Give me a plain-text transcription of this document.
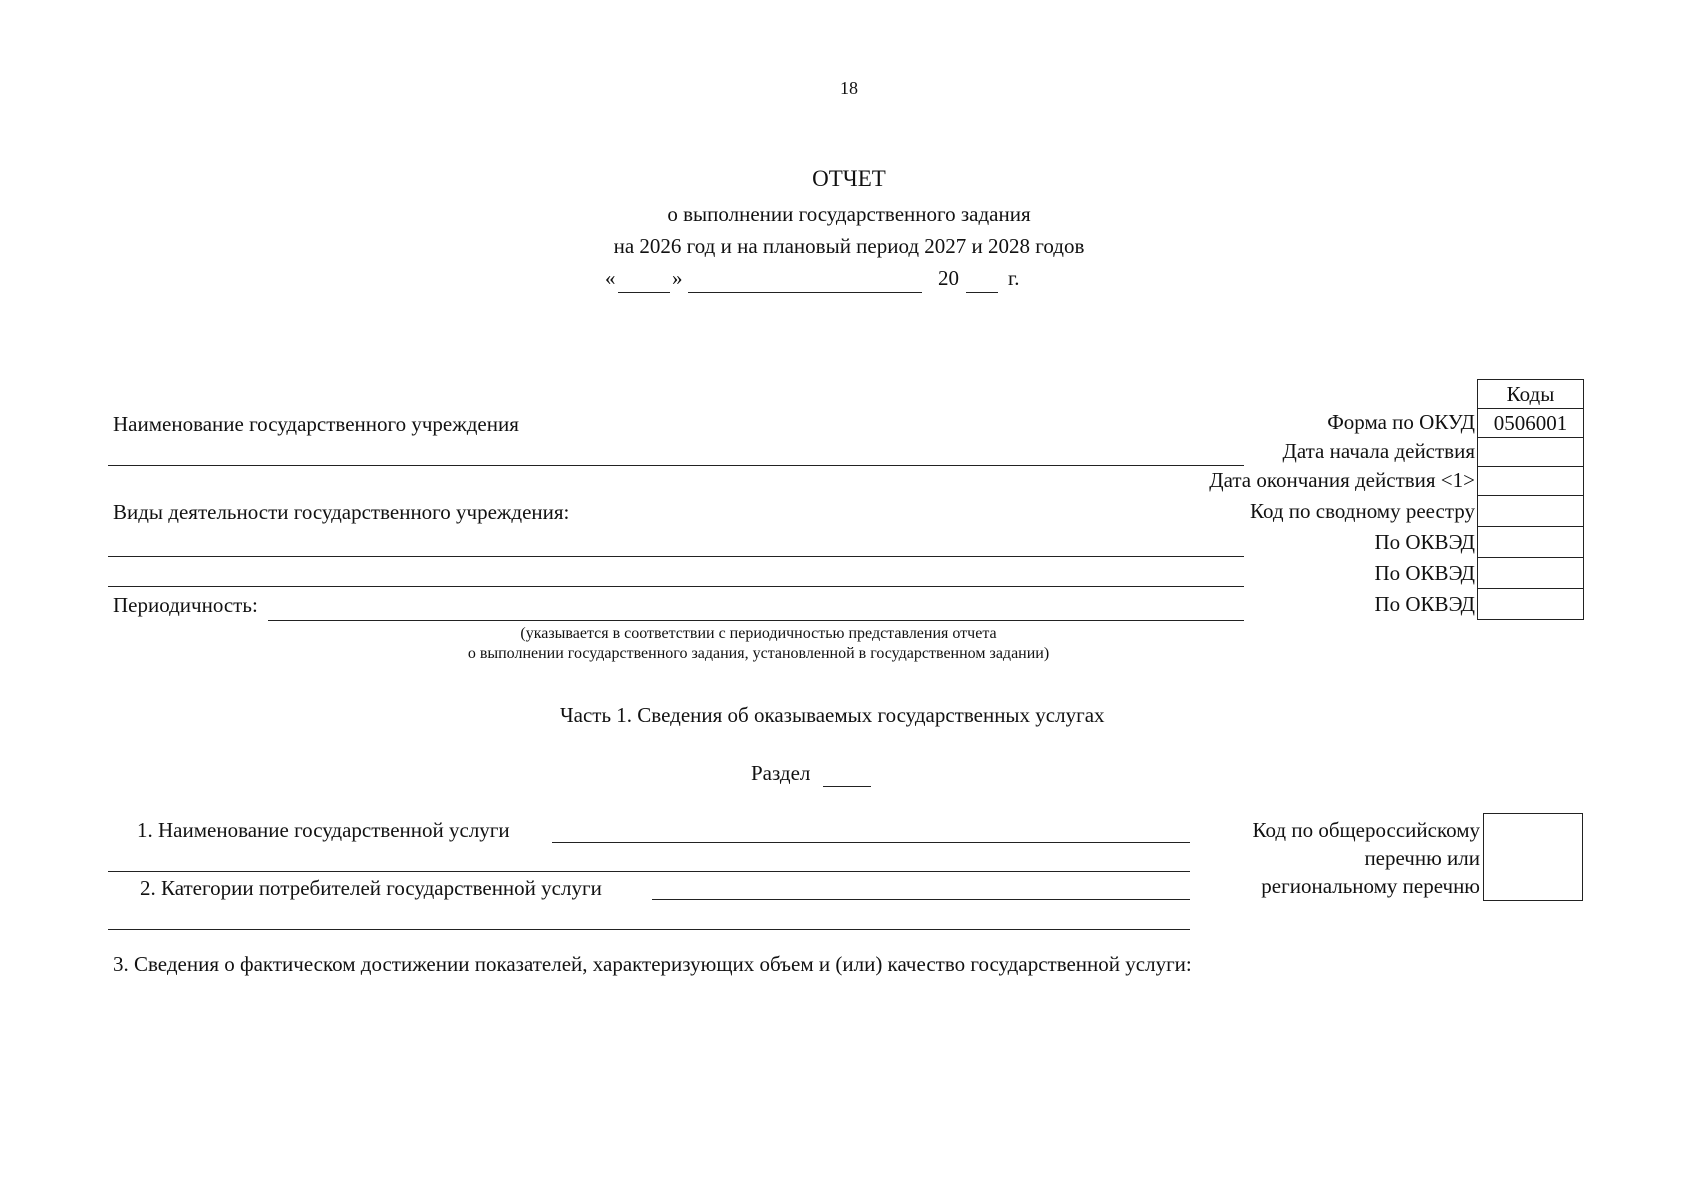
18
ОТЧЕТ
о выполнении государственного задания
на 2026 год и на плановый период 2027 и 2028 годов
«	»	20 г.
Наименование государственного учреждения
Виды деятельности государственного учреждения:
Периодичность:
(указывается в соответствии с периодичностью представления отчета
о выполнении государственного задания, установленной в государственном задании)
Коды
Форма по ОКУД 0506001
Дата начала действия
Дата окончания действия <1>
Код по сводному реестру
По ОКВЭД
По ОКВЭД
По ОКВЭД
Часть 1. Сведения об оказываемых государственных услугах
Раздел
1. Наименование государственной услуги
2. Категории потребителей государственной услуги
Код по общероссийскому
перечню или
региональному перечню
3. Сведения о фактическом достижении показателей, характеризующих объем и (или) качество государственной услуги:
